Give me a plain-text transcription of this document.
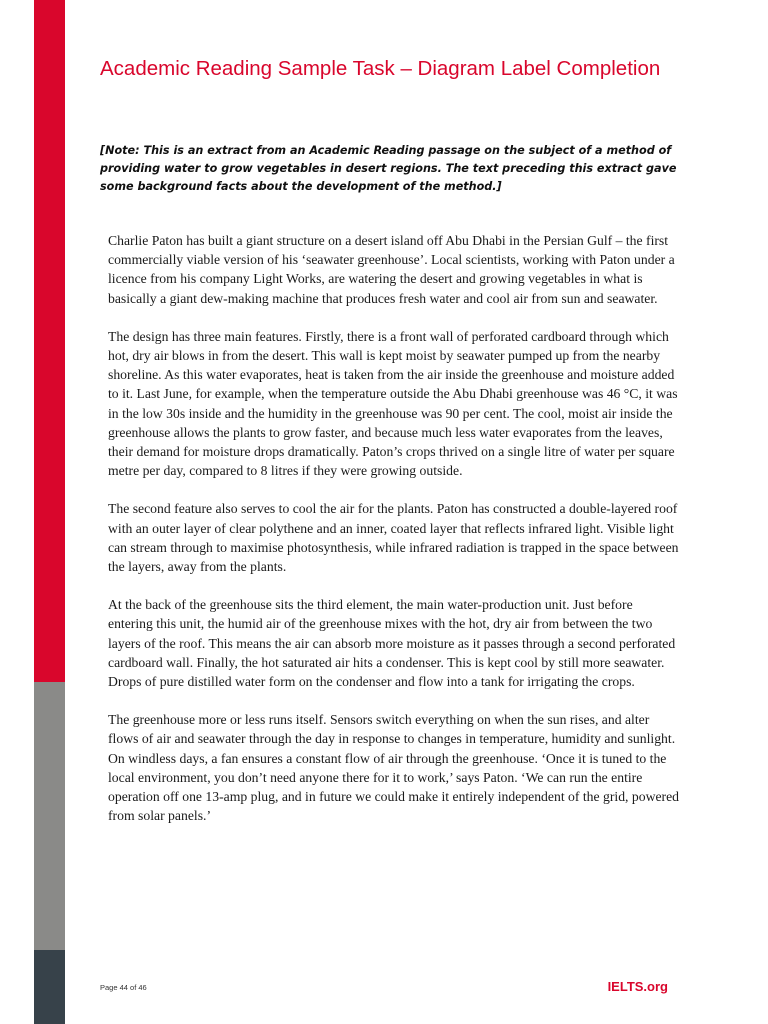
Academic Reading Sample Task – Diagram Label Completion

[Note: This is an extract from an Academic Reading passage on the subject of a method of providing water to grow vegetables in desert regions. The text preceding this extract gave some background facts about the development of the method.]

Charlie Paton has built a giant structure on a desert island off Abu Dhabi in the Persian Gulf – the first commercially viable version of his ‘seawater greenhouse’. Local scientists, working with Paton under a licence from his company Light Works, are watering the desert and growing vegetables in what is basically a giant dew-making machine that produces fresh water and cool air from sun and seawater.

The design has three main features. Firstly, there is a front wall of perforated cardboard through which hot, dry air blows in from the desert. This wall is kept moist by seawater pumped up from the nearby shoreline. As this water evaporates, heat is taken from the air inside the greenhouse and moisture added to it. Last June, for example, when the temperature outside the Abu Dhabi greenhouse was 46 °C, it was in the low 30s inside and the humidity in the greenhouse was 90 per cent. The cool, moist air inside the greenhouse allows the plants to grow faster, and because much less water evaporates from the leaves, their demand for moisture drops dramatically. Paton’s crops thrived on a single litre of water per square metre per day, compared to 8 litres if they were growing outside.

The second feature also serves to cool the air for the plants. Paton has constructed a double-layered roof with an outer layer of clear polythene and an inner, coated layer that reflects infrared light. Visible light can stream through to maximise photosynthesis, while infrared radiation is trapped in the space between the layers, away from the plants.

At the back of the greenhouse sits the third element, the main water-production unit. Just before entering this unit, the humid air of the greenhouse mixes with the hot, dry air from between the two layers of the roof. This means the air can absorb more moisture as it passes through a second perforated cardboard wall. Finally, the hot saturated air hits a condenser. This is kept cool by still more seawater. Drops of pure distilled water form on the condenser and flow into a tank for irrigating the crops.

The greenhouse more or less runs itself. Sensors switch everything on when the sun rises, and alter flows of air and seawater through the day in response to changes in temperature, humidity and sunlight. On windless days, a fan ensures a constant flow of air through the greenhouse. ‘Once it is tuned to the local environment, you don’t need anyone there for it to work,’ says Paton. ‘We can run the entire operation off one 13-amp plug, and in future we could make it entirely independent of the grid, powered from solar panels.’

Page 44 of 46	IELTS.org
